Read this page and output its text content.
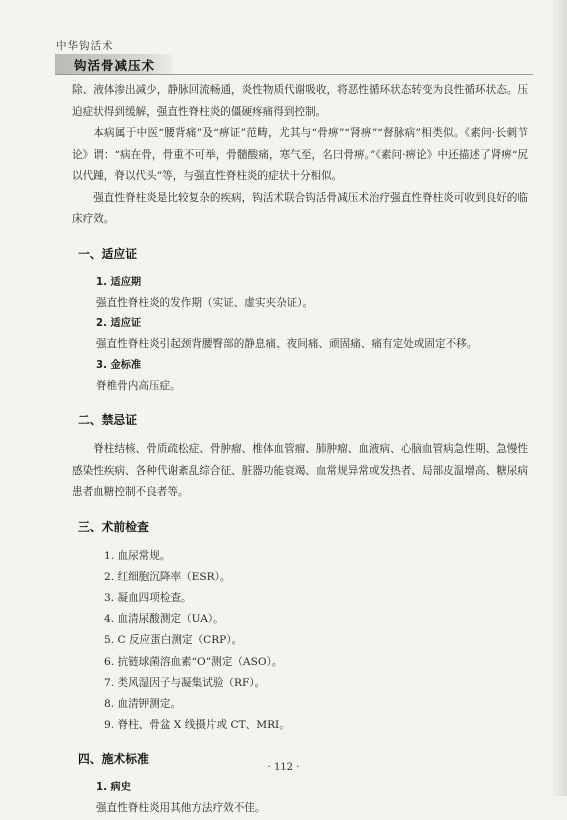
中华钩活术
钩活骨减压术

除、液体渗出减少，静脉回流畅通，炎性物质代谢吸收，将恶性循环状态转变为良性循环状态。压迫症状得到缓解，强直性脊柱炎的僵硬疼痛得到控制。

本病属于中医“腰背痛”及“痹证”范畴，尤其与“骨痹”“肾痹”“督脉病”相类似。《素问·长刺节论》谓：“病在骨，骨重不可举，骨髓酸痛，寒气至，名曰骨痹。”《素问·痹论》中还描述了肾痹“尻以代踵，脊以代头”等，与强直性脊柱炎的症状十分相似。

强直性脊柱炎是比较复杂的疾病，钩活术联合钩活骨减压术治疗强直性脊柱炎可收到良好的临床疗效。

一、适应证
1. 适应期

强直性脊柱炎的发作期（实证、虚实夹杂证）。

2. 适应证

强直性脊柱炎引起颈背腰臀部的静息痛、夜间痛、顽固痛、痛有定处或固定不移。

3. 金标准

脊椎骨内高压症。

二、禁忌证

脊柱结核、骨质疏松症、骨肿瘤、椎体血管瘤、肺肿瘤、血液病、心脑血管病急性期、急慢性感染性疾病、各种代谢紊乱综合征、脏器功能衰竭、血常规异常或发热者、局部皮温增高、糖尿病患者血糖控制不良者等。

三、术前检查

1. 血尿常规。

2. 红细胞沉降率（ESR）。

3. 凝血四项检查。

4. 血清尿酸测定（UA）。

5. C 反应蛋白测定（CRP）。

6. 抗链球菌溶血素“O”测定（ASO）。

7. 类风湿因子与凝集试验（RF）。

8. 血清钾测定。

9. 脊柱、骨盆 X 线摄片或 CT、MRI。

四、施术标准
1. 病史

强直性脊柱炎用其他方法疗效不佳。

· 112 ·
